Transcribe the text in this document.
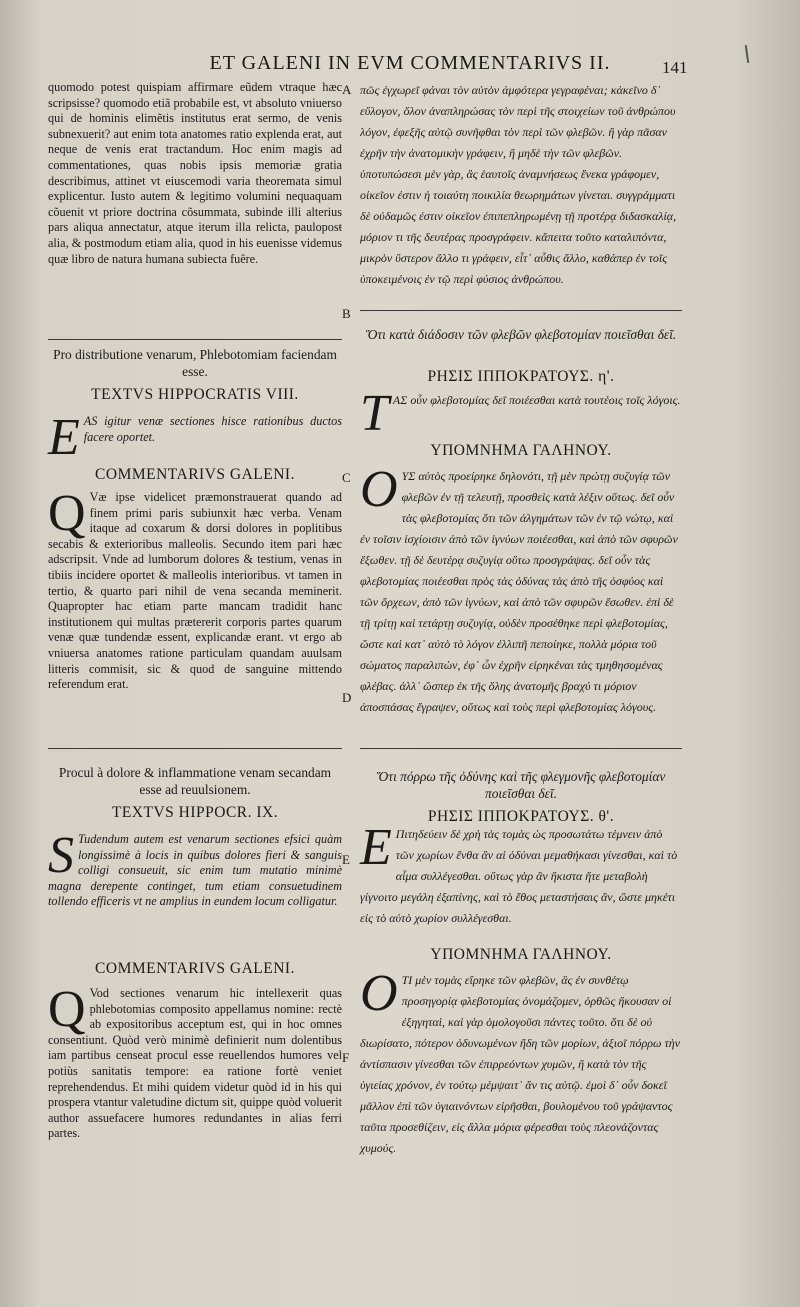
ET GALENI IN EVM COMMENTARIVS II.	141

quomodo potest quispiam affirmare eũdem vtraque hæc scripsisse? quomodo etiã probabile est, vt absoluto vniuerso qui de hominis elimẽtis institutus erat sermo, de venis subnexuerit? aut enim tota anatomes ratio explenda erat, aut neque de venis erat tractandum. Hoc enim magis ad commentationes, quas nobis ipsis memoriæ gratia describimus, attinet vt eiuscemodi varia theoremata simul explicentur. Iusto autem & legitimo volumini nequaquam cõuenit vt priore doctrina cõsummata, subinde illi alterius pars aliqua annectatur, atque iterum illa relicta, pauloposŧ alia, & postmodum etiam alia, quod in his euenisse videmus quæ libro de natura humana subiecta fuêre.

Pro distributione venarum, Phlebotomiam faciendam esse.

TEXTVS HIPPOCRATIS VIII.

EAS igitur venæ sectiones hisce rationibus ductos facere oportet.

COMMENTARIVS GALENI.

Q Væ ipse videlicet præmonstrauerat quando ad finem primi paris subiunxit hæc verba. Venam itaque ad coxarum & dorsi dolores in poplitibus secabis & exterioribus malleolis. Secundo item pari hæc adscripsit. Vnde ad lumborum dolores & testium, venas in tibiis incidere oportet & malleolis interioribus. vt tamen in tertio, & quarto pari nihil de vena secanda meminerit. Quapropter hac etiam parte mancam tradidit hanc institutionem qui multas prætererit corporis partes quarum venæ quæ tundendæ essent, explicandæ erant. vt ergo ab vniuersa anatomes ratione particulam quandam auulsam litteris commisit, sic & quod de sanguine mittendo referendum erat.

Procul à dolore & inflammatione venam secandam esse ad reuulsionem.

TEXTVS HIPPOCR. IX.

S Tudendum autem est venarum sectiones efsici quàm longissimè à locis in quibus dolores fieri & sanguis colligi consueuit, sic enim tum mutatio minimè magna derepente continget, tum etiam consuetudinem tollendo efficeris vt ne amplius in eundem locum colligatur.

COMMENTARIVS GALENI.

Q Vod sectiones venarum hic intellexerit quas phlebotomias composito appellamus nomine: rectè ab expositoribus acceptum est, qui in hoc omnes consentiunt. Quòd verò minimè definierit num dolentibus iam partibus censeat procul esse reuellendos humores vel potiùs sanitatis tempore: ea ratione fortè veniet reprehendendus. Et mihi quidem videtur quòd id in his qui prospera vtantur valetudine dictum sit, quippe quòd voluerit author assuefacere humores redundantes in alias ferri partes.

A
B
C
D
E
F

πῶς ἐγχωρεῖ φάναι τὸν αὐτὸν ἀμφότερα γεγραφέναι; κἀκεῖνο δ᾽ εὔλογον, ὅλον ἀναπληρώσας τὸν περὶ τῆς στοιχείων τοῦ ἀνθρώπου λόγον, ἐφεξῆς αὐτῷ συνῆφθαι τὸν περὶ τῶν φλεβῶν. ἢ γὰρ πᾶσαν ἐχρῆν τὴν ἀνατομικὴν γράφειν, ἢ μηδὲ τὴν τῶν φλεβῶν. ὑποτυπώσεσι μὲν γὰρ, ἃς ἑαυτοῖς ἀναμνήσεως ἕνεκα γράφομεν, οἰκεῖον ἐστιν ἡ τοιαύτη ποικιλία θεωρημάτων γίνεται. συγγράμματι δὲ οὐδαμῶς ἐστιν οἰκεῖον ἐπιπεπληρωμένῃ τῇ προτέρᾳ διδασκαλίᾳ, μόριον τι τῆς δευτέρας προσγράφειν. κἄπειτα τοῦτο καταλιπόντα, μικρὸν ὕστερον ἄλλο τι γράφειν, εἶτ᾽ αὖθις ἄλλο, καθάπερ ἐν τοῖς ὑποκειμένοις ἐν τῷ περὶ φύσιος ἀνθρώπου.

Ὅτι κατὰ διάδοσιν τῶν φλεβῶν φλεβοτομίαν ποιεῖσθαι δεῖ.

ΡΗΣΙΣ ΙΠΠΟΚΡΑΤΟΥΣ. η'.

ΤΑΣ οὖν φλεβοτομίας δεῖ ποιέεσθαι κατὰ τουτέοις τοῖς λόγοις.

ΥΠΟΜΝΗΜΑ ΓΑΛΗΝΟΥ.

ΟΥΣ αὐτὸς προείρηκε δηλονότι, τῇ μὲν πρώτῃ συζυγίᾳ τῶν φλεβῶν ἐν τῇ τελευτῇ, προσθεὶς κατὰ λέξιν οὕτως. δεῖ οὖν τὰς φλεβοτομίας ὅτι τῶν ἀλγημάτων τῶν ἐν τῷ νώτῳ, καὶ ἐν τοῖσιν ἰσχίοισιν ἀπὸ τῶν ἰγνύων ποιέεσθαι, καὶ ἀπὸ τῶν σφυρῶν ἔξωθεν. τῇ δὲ δευτέρᾳ συζυγίᾳ οὕτω προσγράψας. δεῖ οὖν τὰς φλεβοτομίας ποιέεσθαι πρὸς τὰς ὀδύνας τὰς ἀπὸ τῆς ὀσφύος καὶ τῶν ὄρχεων, ἀπὸ τῶν ἰγνύων, καὶ ἀπὸ τῶν σφυρῶν ἔσωθεν. ἐπὶ δὲ τῇ τρίτῃ καὶ τετάρτῃ συζυγίᾳ, οὐδὲν προσέθηκε περὶ φλεβοτομίας, ὥστε καὶ κατ᾽ αὐτὸ τὸ λόγον ἐλλιπῆ πεποίηκε, πολλὰ μόρια τοῦ σώματος παραλιπὼν, ἐφ᾽ ὧν ἐχρῆν εἰρηκέναι τὰς τμηθησομένας φλέβας. ἀλλ᾽ ὥσπερ ἐκ τῆς ὅλης ἀνατομῆς βραχύ τι μόριον ἀποσπάσας ἔγραψεν, οὕτως καὶ τοὺς περὶ φλεβοτομίας λόγους.

Ὅτι πόρρω τῆς ὀδύνης καὶ τῆς φλεγμονῆς φλεβοτομίαν ποιεῖσθαι δεῖ.

ΡΗΣΙΣ ΙΠΠΟΚΡΑΤΟΥΣ. θ'.

Ε Πιτηδεύειν δὲ χρὴ τὰς τομὰς ὡς προσωτάτω τέμνειν ἀπὸ τῶν χωρίων ἔνθα ἂν αἱ ὀδύναι μεμαθήκασι γίνεσθαι, καὶ τὸ αἷμα συλλέγεσθαι. οὕτως γὰρ ἂν ἥκιστα ἥτε μεταβολὴ γίγνοιτο μεγάλη ἐξαπίνης, καὶ τὸ ἔθος μεταστήσαις ἂν, ὥστε μηκέτι εἰς τὸ αὐτὸ χωρίον συλλέγεσθαι.

ΥΠΟΜΝΗΜΑ ΓΑΛΗΝΟΥ.

ΟΤΙ μὲν τομὰς εἴρηκε τῶν φλεβῶν, ἃς ἐν συνθέτῳ προσηγορίᾳ φλεβοτομίας ὀνομάζομεν, ὀρθῶς ἤκουσαν οἱ ἐξηγηταὶ, καὶ γὰρ ὁμολογοῦσι πάντες τοῦτο. ὅτι δὲ οὐ διωρίσατο, πότερον ὀδυνωμένων ἤδη τῶν μορίων, ἀξιοῖ πόρρω τὴν ἀντίσπασιν γίνεσθαι τῶν ἐπιρρεόντων χυμῶν, ἢ κατὰ τὸν τῆς ὑγιείας χρόνον, ἐν τούτῳ μέμψαιτ᾽ ἄν τις αὐτῷ. ἐμοὶ δ᾽ οὖν δοκεῖ μᾶλλον ἐπὶ τῶν ὑγιαινόντων εἰρῆσθαι, βουλομένου τοῦ γράψαντος ταῦτα προσεθίζειν, εἰς ἄλλα μόρια φέρεσθαι τοὺς πλεονάζοντας χυμούς.
